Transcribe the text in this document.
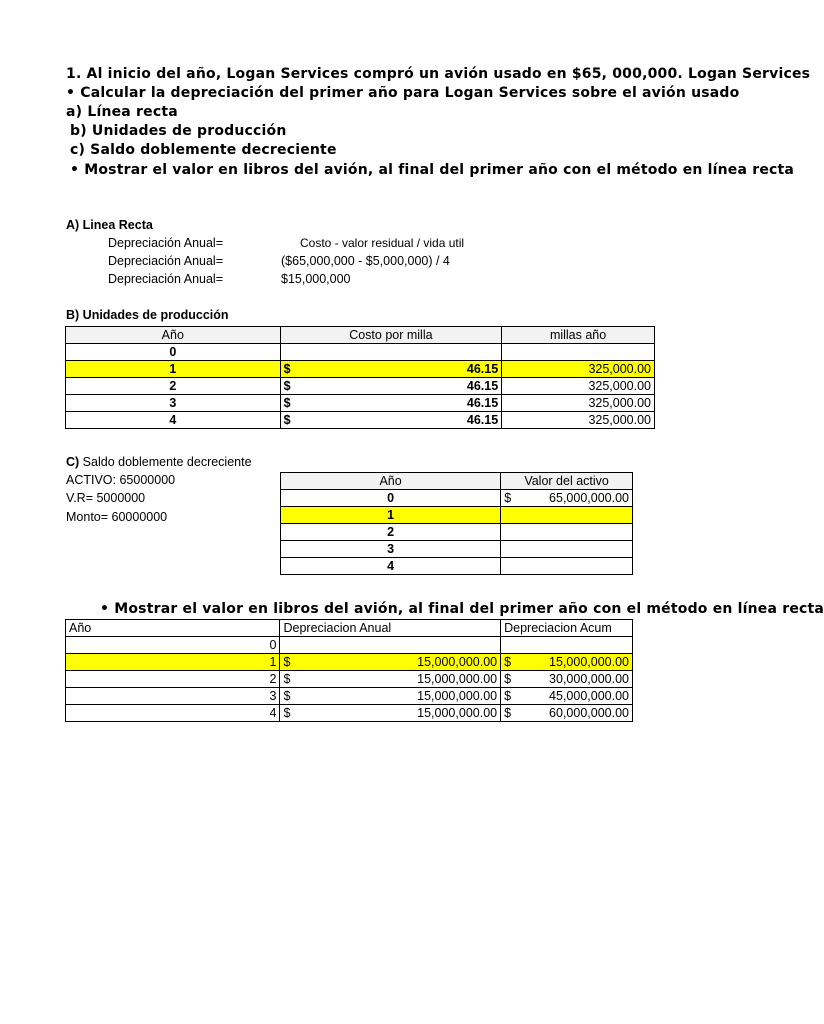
1. Al inicio del año, Logan Services compró un avión usado en $65, 000,000. Logan Services
• Calcular la depreciación del primer año para Logan Services sobre el avión usado
a) Línea recta
b) Unidades de producción
c) Saldo doblemente decreciente
• Mostrar el valor en libros del avión, al final del primer año con el método en línea recta
A) Linea Recta
Depreciación Anual=	Costo - valor residual / vida util
Depreciación Anual=	($65,000,000 - $5,000,000) / 4
Depreciación Anual=	$15,000,000
B) Unidades de producción
Año	Costo por milla	millas año
0	

1	$ 46.15	325,000.00
2	$ 46.15	325,000.00
3	$ 46.15	325,000.00
4	$ 46.15	325,000.00
C) Saldo doblemente decreciente
ACTIVO: 65000000
V.R= 5000000
Monto= 60000000
Año	Valor del activo
0	$ 65,000,000.00
1	

2	

3	

4	
• Mostrar el valor en libros del avión, al final del primer año con el método en línea recta
Año	Depreciacion Anual	Depreciacion Acum
0	

1	$ 15,000,000.00	$ 15,000,000.00
2	$ 15,000,000.00	$ 30,000,000.00
3	$ 15,000,000.00	$ 45,000,000.00
4	$ 15,000,000.00	$ 60,000,000.00
